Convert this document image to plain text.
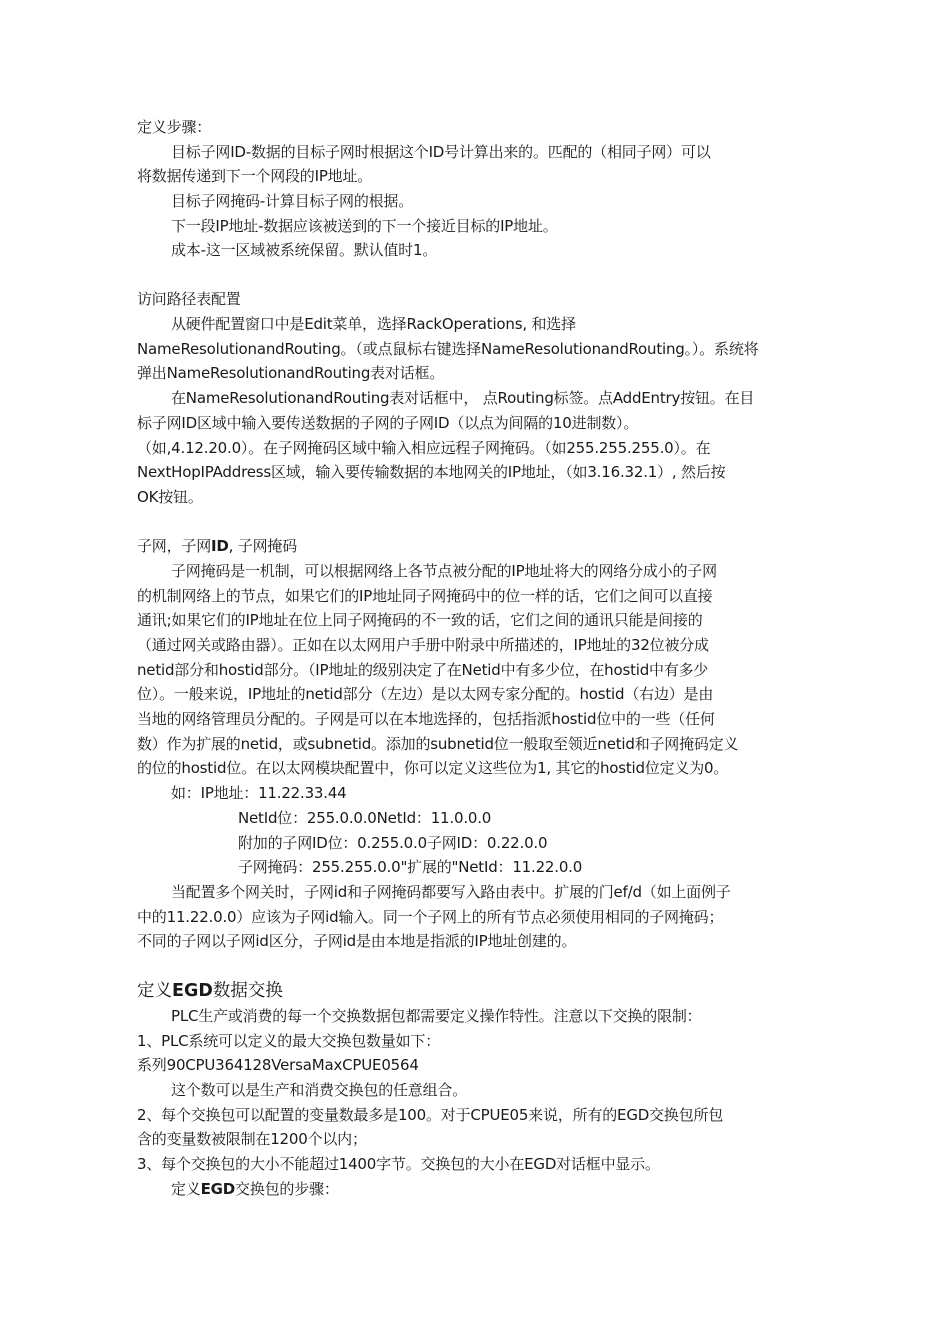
定义步骤：
目标子网ID-数据的目标子网时根据这个ID号计算出来的。匹配的（相同子网）可以
将数据传递到下一个网段的IP地址。
目标子网掩码-计算目标子网的根据。
下一段IP地址-数据应该被送到的下一个接近目标的IP地址。
成本-这一区域被系统保留。默认值时1。
访问路径表配置
从硬件配置窗口中是Edit菜单，选择RackOperations, 和选择
NameResolutionandRouting。（或点鼠标右键选择NameResolutionandRouting。）。系统将
弹出NameResolutionandRouting表对话框。
在NameResolutionandRouting表对话框中， 点Routing标签。点AddEntry按钮。在目
标子网ID区域中输入要传送数据的子网的子网ID（以点为间隔的10进制数）。
（如,4.12.20.0）。在子网掩码区域中输入相应远程子网掩码。（如255.255.255.0）。在
NextHopIPAddress区域，输入要传输数据的本地网关的IP地址，（如3.16.32.1）, 然后按
OK按钮。
子网，子网ID, 子网掩码
子网掩码是一机制，可以根据网络上各节点被分配的IP地址将大的网络分成小的子网
的机制网络上的节点，如果它们的IP地址同子网掩码中的位一样的话，它们之间可以直接
通讯;如果它们的IP地址在位上同子网掩码的不一致的话，它们之间的通讯只能是间接的
（通过网关或路由器）。正如在以太网用户手册中附录中所描述的，IP地址的32位被分成
netid部分和hostid部分。（IP地址的级别决定了在Netid中有多少位，在hostid中有多少
位）。一般来说，IP地址的netid部分（左边）是以太网专家分配的。hostid（右边）是由
当地的网络管理员分配的。子网是可以在本地选择的，包括指派hostid位中的一些（任何
数）作为扩展的netid，或subnetid。添加的subnetid位一般取至领近netid和子网掩码定义
的位的hostid位。在以太网模块配置中，你可以定义这些位为1, 其它的hostid位定义为0。
如：IP地址：11.22.33.44
NetId位：255.0.0.0NetId：11.0.0.0
附加的子网ID位：0.255.0.0子网ID：0.22.0.0
子网掩码：255.255.0.0"扩展的"NetId：11.22.0.0
当配置多个网关时，子网id和子网掩码都要写入路由表中。扩展的门ef/d（如上面例子
中的11.22.0.0）应该为子网id输入。同一个子网上的所有节点必须使用相同的子网掩码；
不同的子网以子网id区分，子网id是由本地是指派的IP地址创建的。
定义EGD数据交换
PLC生产或消费的每一个交换数据包都需要定义操作特性。注意以下交换的限制：
1、PLC系统可以定义的最大交换包数量如下：
系列90CPU364128VersaMaxCPUE0564
这个数可以是生产和消费交换包的任意组合。
2、每个交换包可以配置的变量数最多是100。对于CPUE05来说，所有的EGD交换包所包
含的变量数被限制在1200个以内；
3、每个交换包的大小不能超过1400字节。交换包的大小在EGD对话框中显示。
定义EGD交换包的步骤：
